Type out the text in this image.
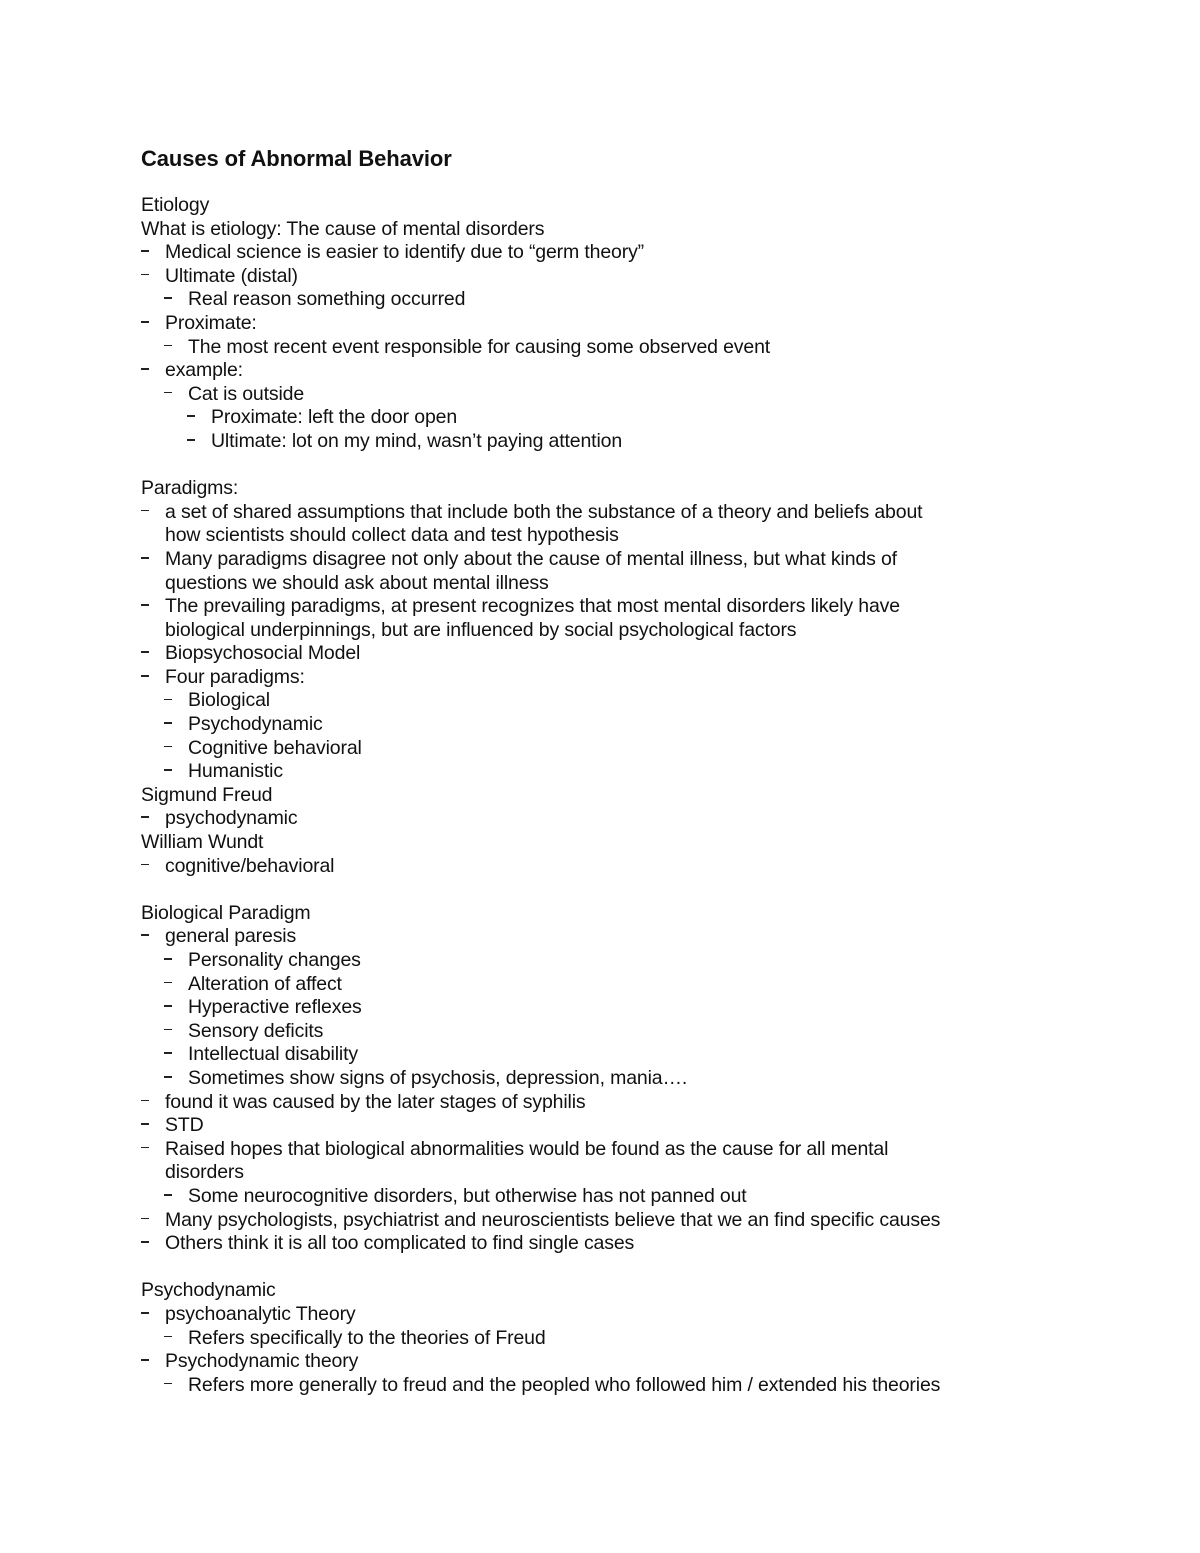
Causes of Abnormal Behavior
Etiology
What is etiology: The cause of mental disorders
Medical science is easier to identify due to “germ theory”
Ultimate (distal)
Real reason something occurred
Proximate:
The most recent event responsible for causing some observed event
example:
Cat is outside
Proximate: left the door open
Ultimate: lot on my mind, wasn’t paying attention
Paradigms:
a set of shared assumptions that include both the substance of a theory and beliefs about
how scientists should collect data and test hypothesis
Many paradigms disagree not only about the cause of mental illness, but what kinds of
questions we should ask about mental illness
The prevailing paradigms, at present recognizes that most mental disorders likely have
biological underpinnings, but are influenced by social psychological factors
Biopsychosocial Model
Four paradigms:
Biological
Psychodynamic
Cognitive behavioral
Humanistic
Sigmund Freud
psychodynamic
William Wundt
cognitive/behavioral
Biological Paradigm
general paresis
Personality changes
Alteration of affect
Hyperactive reflexes
Sensory deficits
Intellectual disability
Sometimes show signs of psychosis, depression, mania….
found it was caused by the later stages of syphilis
STD
Raised hopes that biological abnormalities would be found as the cause for all mental
disorders
Some neurocognitive disorders, but otherwise has not panned out
Many psychologists, psychiatrist and neuroscientists believe that we an find specific causes
Others think it is all too complicated to find single cases
Psychodynamic
psychoanalytic Theory
Refers specifically to the theories of Freud
Psychodynamic theory
Refers more generally to freud and the peopled who followed him / extended his theories
